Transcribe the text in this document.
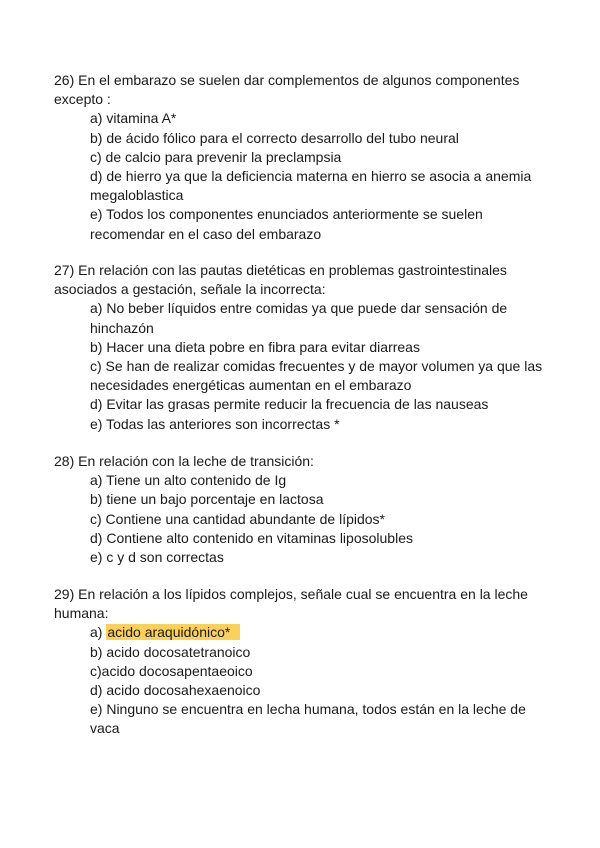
26) En el embarazo se suelen dar complementos de algunos componentes excepto :

a) vitamina A*
b) de ácido fólico para el correcto desarrollo del tubo neural
c) de calcio para prevenir la preclampsia
d) de hierro ya que la deficiencia materna en hierro se asocia a anemia megaloblastica
e) Todos los componentes enunciados anteriormente se suelen recomendar en el caso del embarazo

27) En relación con las pautas dietéticas en problemas gastrointestinales asociados a gestación, señale la incorrecta:

a) No beber líquidos entre comidas ya que puede dar sensación de hinchazón
b) Hacer una dieta pobre en fibra para evitar diarreas
c) Se han de realizar comidas frecuentes y de mayor volumen ya que las necesidades energéticas aumentan en el embarazo
d) Evitar las grasas permite reducir la frecuencia de las nauseas
e) Todas las anteriores son incorrectas *

28) En relación con la leche de transición:

a) Tiene un alto contenido de Ig
b) tiene un bajo porcentaje en lactosa
c) Contiene una cantidad abundante de lípidos*
d) Contiene alto contenido en vitaminas liposolubles
e) c y d son correctas

29) En relación a los lípidos complejos, señale cual se encuentra en la leche humana:

a) acido araquidónico*
b) acido docosatetranoico
c)acido docosapentaeoico
d) acido docosahexaenoico
e) Ninguno se encuentra en lecha humana, todos están en la leche de vaca
